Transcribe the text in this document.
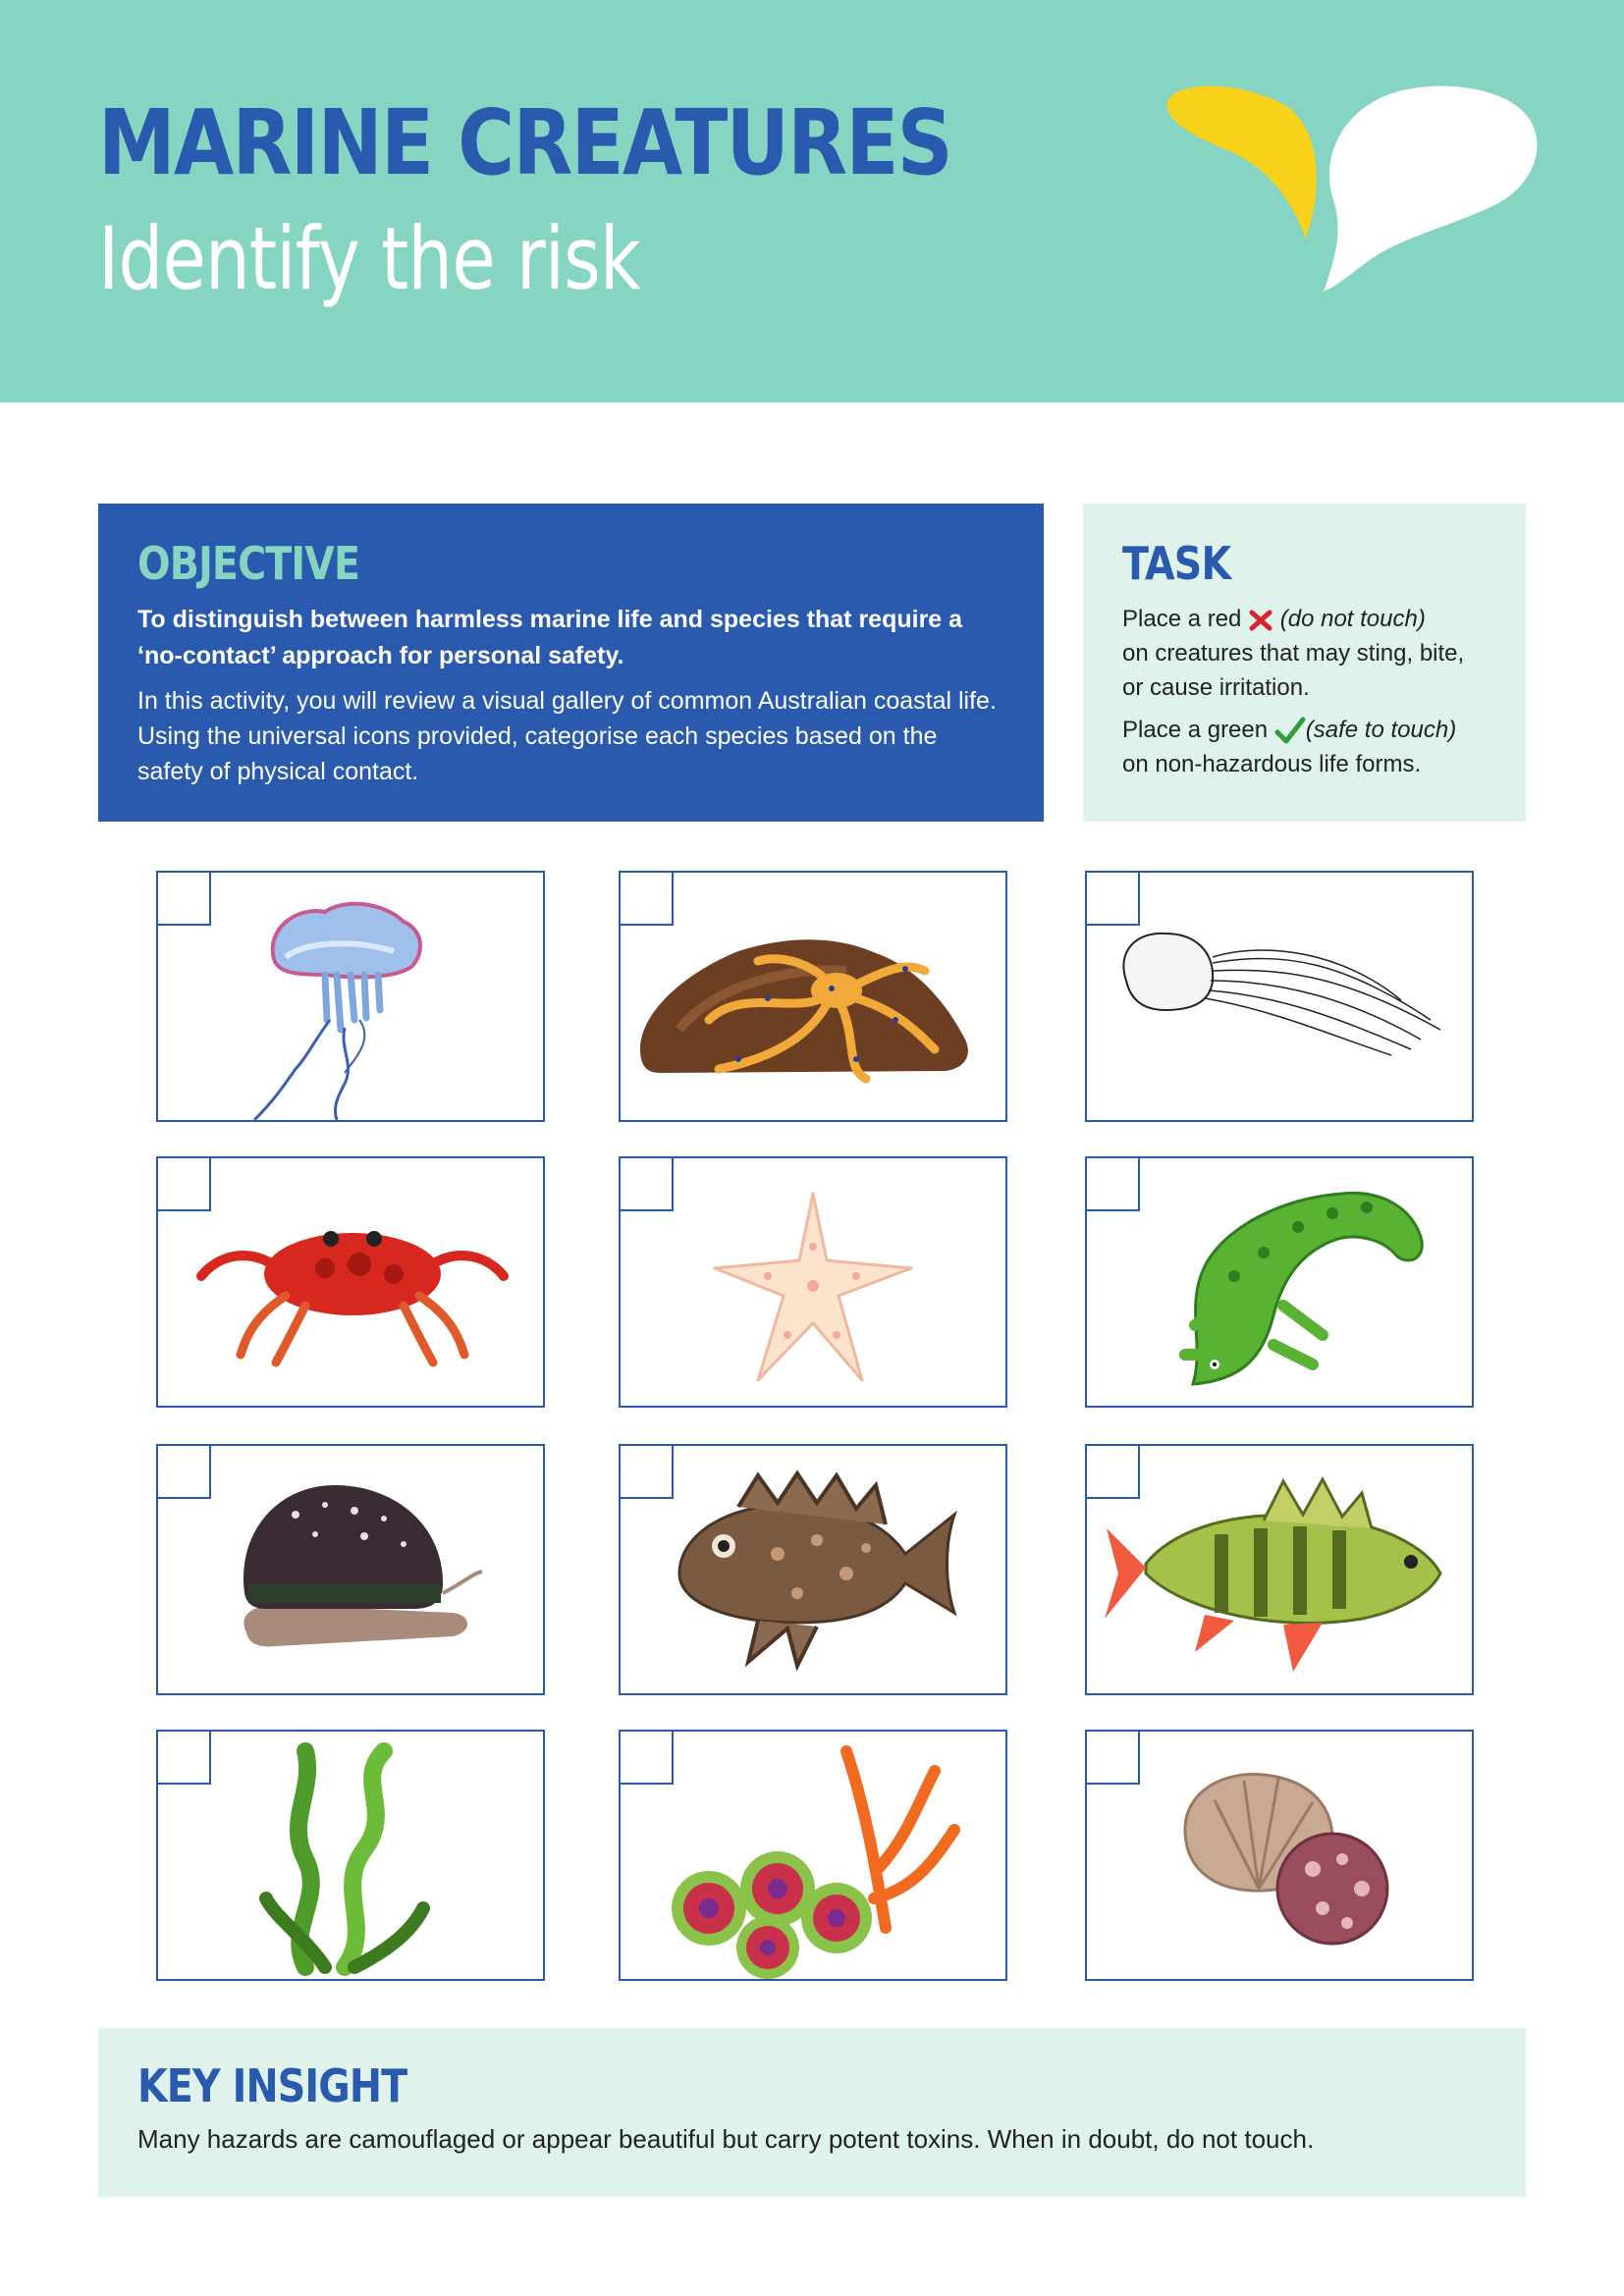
MARINE CREATURES
Identify the risk
OBJECTIVE
To distinguish between harmless marine life and species that require a ‘no-contact’ approach for personal safety.
In this activity, you will review a visual gallery of common Australian coastal life. Using the universal icons provided, categorise each species based on the safety of physical contact.
TASK

Place a red (do not touch)
on creatures that may sting, bite, or cause irritation.

Place a green (safe to touch)
on non-hazardous life forms.

KEY INSIGHT
Many hazards are camouflaged or appear beautiful but carry potent toxins. When in doubt, do not touch.
